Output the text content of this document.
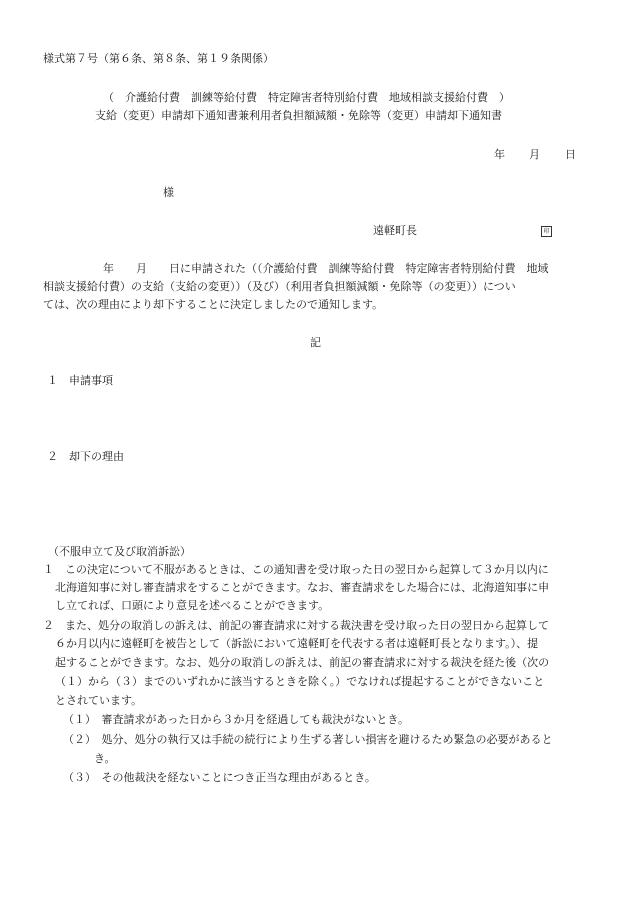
様式第７号（第６条、第８条、第１９条関係）

（　介護給付費　訓練等給付費　特定障害者特別給付費　地域相談支援給付費　）

支給（変更）申請却下通知書兼利用者負担額減額・免除等（変更）申請却下通知書

年 月 日

様

遠軽町長	印

年　　月　　日に申請された（（介護給付費　訓練等給付費　特定障害者特別給付費　地域

相談支援給付費）の支給（支給の変更））（及び）（利用者負担額減額・免除等（の変更））につい

ては、次の理由により却下することに決定しましたので通知します。

記

１　申請事項

２　却下の理由

（不服申立て及び取消訴訟）

１　この決定について不服があるときは、この通知書を受け取った日の翌日から起算して３か月以内に

北海道知事に対し審査請求をすることができます。なお、審査請求をした場合には、北海道知事に申

し立てれば、口頭により意見を述べることができます。

２　また、処分の取消しの訴えは、前記の審査請求に対する裁決書を受け取った日の翌日から起算して

６か月以内に遠軽町を被告として（訴訟において遠軽町を代表する者は遠軽町長となります。）、提

起することができます。なお、処分の取消しの訴えは、前記の審査請求に対する裁決を経た後（次の

（１）から（３）までのいずれかに該当するときを除く。）でなければ提起することができないこと

とされています。

（１）　審査請求があった日から３か月を経過しても裁決がないとき。

（２）　処分、処分の執行又は手続の続行により生ずる著しい損害を避けるため緊急の必要があると

き。

（３）　その他裁決を経ないことにつき正当な理由があるとき。
